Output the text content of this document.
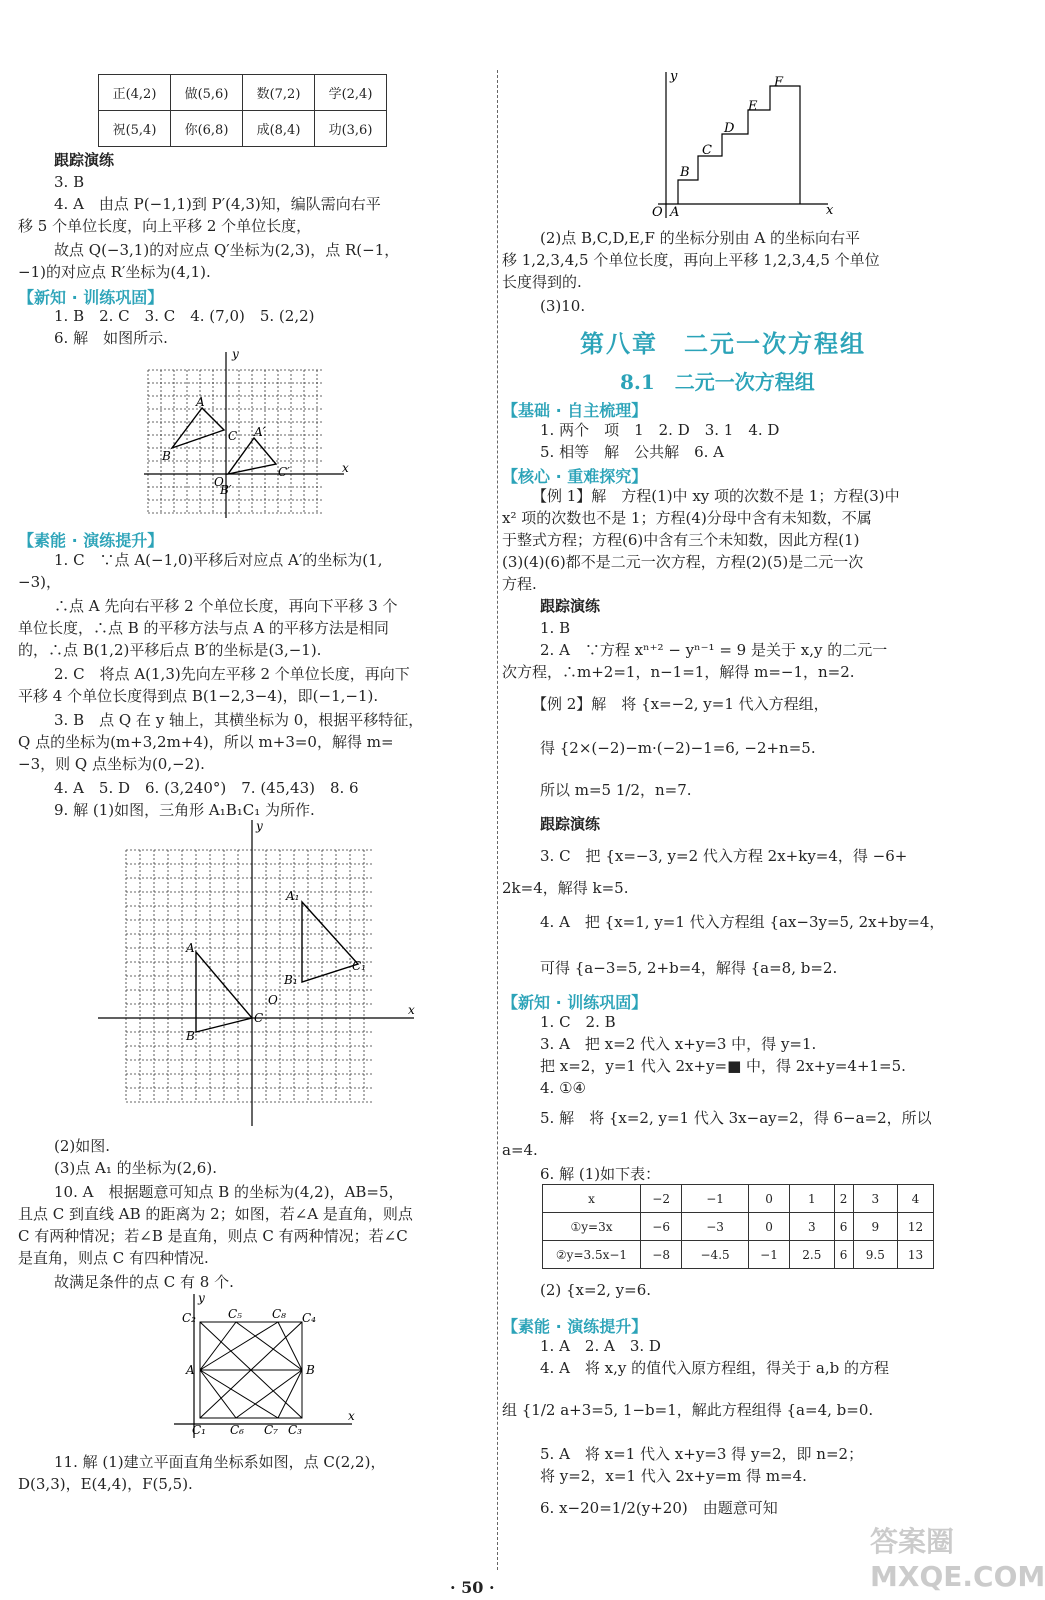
正(4,2)	做(5,6)	数(7,2)	学(2,4)
祝(5,4)	你(6,8)	成(8,4)	功(3,6)
跟踪演练
3. B
4. A　由点 P(−1,1)到 P′(4,3)知，编队需向右平
移 5 个单位长度，向上平移 2 个单位长度，
故点 Q(−3,1)的对应点 Q′坐标为(2,3)，点 R(−1，
−1)的对应点 R′坐标为(4,1).
【新知 · 训练巩固】
1. B　2. C　3. C　4. (7,0)　5. (2,2)
6. 解　如图所示.
y
x
O
A
B
C A′
B′
C′
【素能 · 演练提升】
1. C　∵点 A(−1,0)平移后对应点 A′的坐标为(1,
−3)，
∴点 A 先向右平移 2 个单位长度，再向下平移 3 个
单位长度，∴点 B 的平移方法与点 A 的平移方法是相同
的，∴点 B(1,2)平移后点 B′的坐标是(3,−1).
2. C　将点 A(1,3)先向左平移 2 个单位长度，再向下
平移 4 个单位长度得到点 B(1−2,3−4)，即(−1,−1).
3. B　点 Q 在 y 轴上，其横坐标为 0，根据平移特征，
Q 点的坐标为(m+3,2m+4)，所以 m+3=0，解得 m=
−3，则 Q 点坐标为(0,−2).
4. A　5. D　6. (3,240°)　7. (45,43)　8. 6
9. 解 (1)如图，三角形 A₁B₁C₁ 为所作.
y
x
O
A
B
C
A₁
B₁
C₁
(2)如图.
(3)点 A₁ 的坐标为(2,6).
10. A　根据题意可知点 B 的坐标为(4,2)，AB=5，
且点 C 到直线 AB 的距离为 2；如图，若∠A 是直角，则点
C 有两种情况；若∠B 是直角，则点 C 有两种情况；若∠C
是直角，则点 C 有四种情况.
故满足条件的点 C 有 8 个.
y
x
A	B
C₁
C₂
C₃
C₄
C₅
C₆ C₇
C₈
11. 解 (1)建立平面直角坐标系如图，点 C(2,2)，
D(3,3)，E(4,4)，F(5,5).
y
x
O A
B
C
D
E
F
(2)点 B,C,D,E,F 的坐标分别由 A 的坐标向右平
移 1,2,3,4,5 个单位长度，再向上平移 1,2,3,4,5 个单位
长度得到的.
(3)10.
第八章　二元一次方程组
8.1　二元一次方程组
【基础 · 自主梳理】
1. 两个　项　1　2. D　3. 1　4. D
5. 相等　解　公共解　6. A
【核心 · 重难探究】
【例 1】解　方程(1)中 xy 项的次数不是 1；方程(3)中
x² 项的次数也不是 1；方程(4)分母中含有未知数，不属
于整式方程；方程(6)中含有三个未知数，因此方程(1)
(3)(4)(6)都不是二元一次方程，方程(2)(5)是二元一次
方程.
跟踪演练
1. B
2. A　∵方程 xⁿ⁺² − yⁿ⁻¹ = 9 是关于 x,y 的二元一
次方程，∴m+2=1，n−1=1，解得 m=−1，n=2.
【例 2】解　将 {x=−2, y=1 代入方程组，
得 {2×(−2)−m·(−2)−1=6, −2+n=5.
所以 m=5 1/2，n=7.
跟踪演练
3. C　把 {x=−3, y=2 代入方程 2x+ky=4，得 −6+
2k=4，解得 k=5.
4. A　把 {x=1, y=1 代入方程组 {ax−3y=5, 2x+by=4，
可得 {a−3=5, 2+b=4，解得 {a=8, b=2.
【新知 · 训练巩固】
1. C　2. B
3. A　把 x=2 代入 x+y=3 中，得 y=1.
把 x=2，y=1 代入 2x+y=■ 中，得 2x+y=4+1=5.
4. ①④
5. 解　将 {x=2, y=1 代入 3x−ay=2，得 6−a=2，所以
a=4.
6. 解 (1)如下表：
x	−2	−1	0	1	2	3	4
①y=3x	−6	−3	0	3	6	9	12
②y=3.5x−1	−8	−4.5	−1	2.5	6	9.5	13
(2) {x=2, y=6.
【素能 · 演练提升】
1. A　2. A　3. D
4. A　将 x,y 的值代入原方程组，得关于 a,b 的方程
组 {1/2 a+3=5, 1−b=1，解此方程组得 {a=4, b=0.
5. A　将 x=1 代入 x+y=3 得 y=2，即 n=2；
将 y=2，x=1 代入 2x+y=m 得 m=4.
6. x−20=1/2(y+20)　由题意可知
· 50 ·
答案圈 MXQE.COM
